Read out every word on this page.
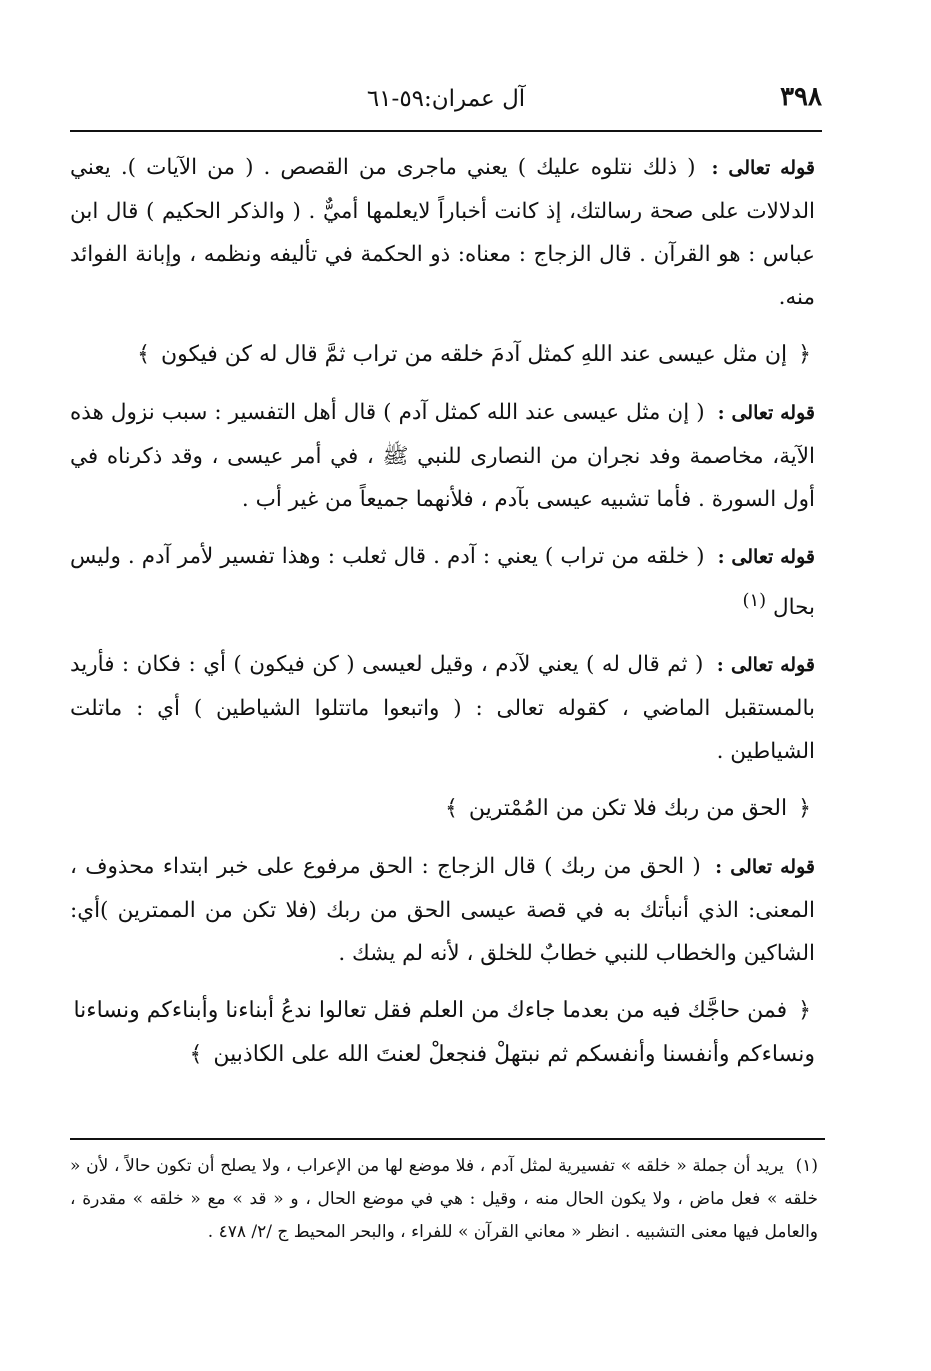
٣٩٨
آل عمران:٥٩-٦١

قوله تعالى : ( ذلك نتلوه عليك ) يعني ماجرى من القصص . ( من الآيات ). يعني الدلالات على صحة رسالتك، إذ كانت أخباراً لايعلمها أميٌّ . ( والذكر الحكيم ) قال ابن عباس : هو القرآن . قال الزجاج : معناه: ذو الحكمة في تأليفه ونظمه ، وإبانة الفوائد منه.

﴿ إن مثل عيسى عند اللهِ كمثل آدمَ خلقه من تراب ثمَّ قال له كن فيكون ﴾

قوله تعالى : ( إن مثل عيسى عند الله كمثل آدم ) قال أهل التفسير : سبب نزول هذه الآية، مخاصمة وفد نجران من النصارى للنبي ﷺ ، في أمر عيسى ، وقد ذكرناه في أول السورة . فأما تشبيه عيسى بآدم ، فلأنهما جميعاً من غير أب .

قوله تعالى : ( خلقه من تراب ) يعني : آدم . قال ثعلب : وهذا تفسير لأمر آدم . وليس بحال $^{(١)}$

قوله تعالى : ( ثم قال له ) يعني لآدم ، وقيل لعيسى ( كن فيكون ) أي : فكان : فأريد بالمستقبل الماضي ، كقوله تعالى : ( واتبعوا ماتتلوا الشياطين ) أي : ماتلت الشياطين .

﴿ الحق من ربك فلا تكن من المُمْترين ﴾

قوله تعالى : ( الحق من ربك ) قال الزجاج : الحق مرفوع على خبر ابتداء محذوف ، المعنى: الذي أنبأتك به في قصة عيسى الحق من ربك (فلا تكن من الممترين )أي: الشاكين والخطاب للنبي خطابٌ للخلق ، لأنه لم يشك .

﴿ فمن حاجَّك فيه من بعدما جاءك من العلم فقل تعالوا ندعُ أبناءنا وأبناءكم ونساءنا ونساءكم وأنفسنا وأنفسكم ثم نبتهلْ فنجعلْ لعنتَ الله على الكاذبين ﴾

(١) يريد أن جملة « خلقه » تفسيرية لمثل آدم ، فلا موضع لها من الإعراب ، ولا يصلح أن تكون حالاً ، لأن « خلقه » فعل ماض ، ولا يكون الحال منه ، وقيل : هي في موضع الحال ، و « قد » مع « خلقه » مقدرة ، والعامل فيها معنى التشبيه . انظر « معاني القرآن » للفراء ، والبحر المحيط ج /٢/ ٤٧٨ .
